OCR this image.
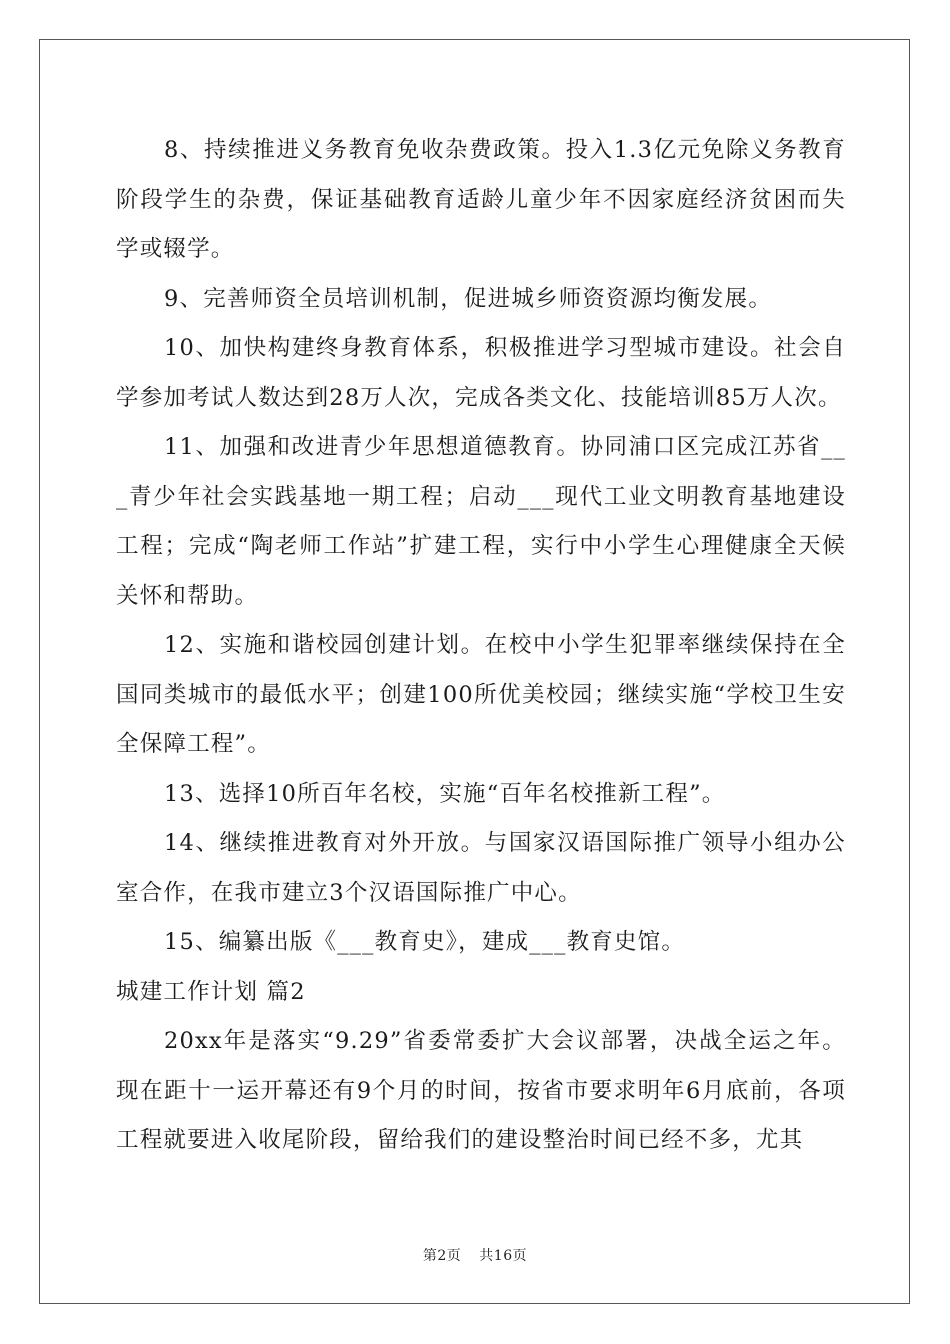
8、持续推进义务教育免收杂费政策。投入1.3亿元免除义务教育阶段学生的杂费，保证基础教育适龄儿童少年不因家庭经济贫困而失学或辍学。

9、完善师资全员培训机制，促进城乡师资资源均衡发展。

10、加快构建终身教育体系，积极推进学习型城市建设。社会自学参加考试人数达到28万人次，完成各类文化、技能培训85万人次。

11、加强和改进青少年思想道德教育。协同浦口区完成江苏省___青少年社会实践基地一期工程；启动___现代工业文明教育基地建设工程；完成“陶老师工作站”扩建工程，实行中小学生心理健康全天候关怀和帮助。

12、实施和谐校园创建计划。在校中小学生犯罪率继续保持在全国同类城市的最低水平；创建100所优美校园；继续实施“学校卫生安全保障工程”。

13、选择10所百年名校，实施“百年名校推新工程”。

14、继续推进教育对外开放。与国家汉语国际推广领导小组办公室合作，在我市建立3个汉语国际推广中心。

15、编纂出版《___教育史》，建成___教育史馆。

城建工作计划 篇2

20xx年是落实“9.29”省委常委扩大会议部署，决战全运之年。现在距十一运开幕还有9个月的时间，按省市要求明年6月底前，各项工程就要进入收尾阶段，留给我们的建设整治时间已经不多，尤其

第2页 共16页
